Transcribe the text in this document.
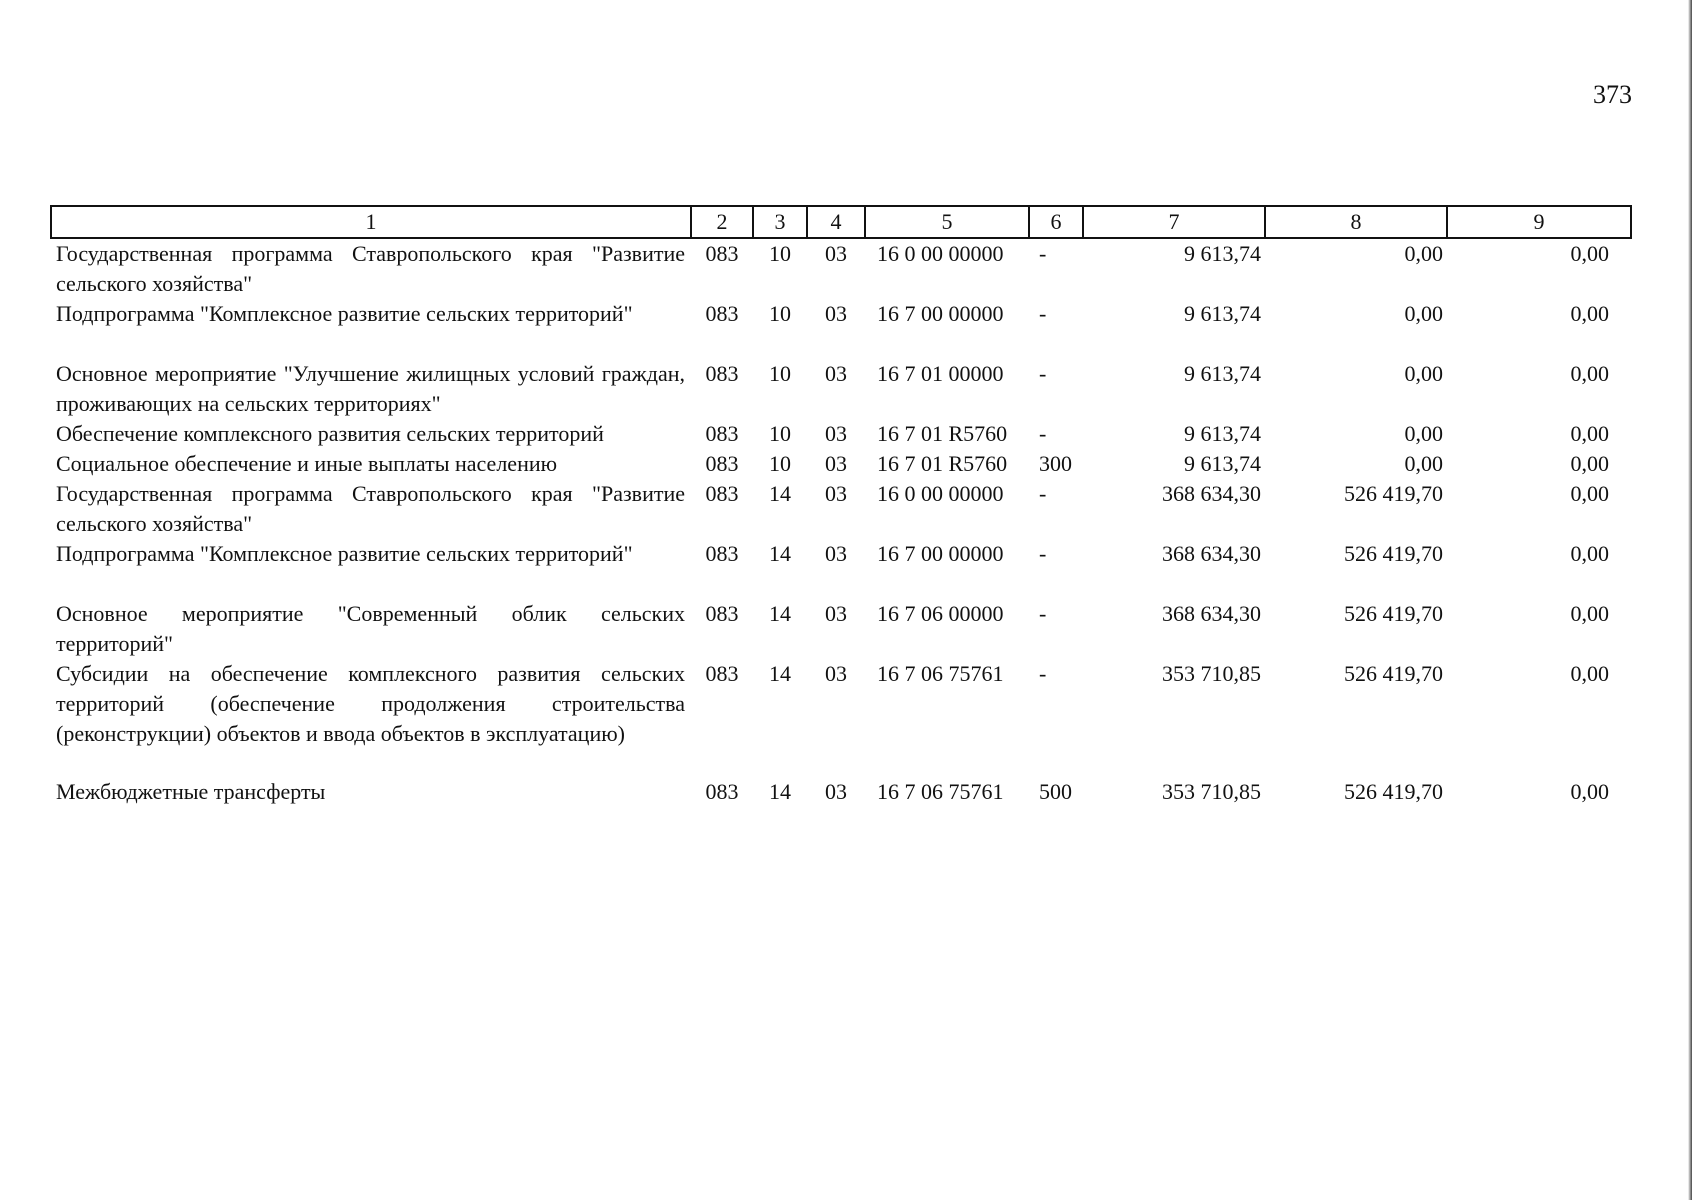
373
1	2	3	4	5	6	7	8	9
Государственная программа Ставропольского края "Развитие сельского хозяйства"	083	10	03	16 0 00 00000	-	9 613,74	0,00	0,00
Подпрограмма "Комплексное развитие сельских территорий"	083	10	03	16 7 00 00000	-	9 613,74	0,00	0,00
Основное мероприятие "Улучшение жилищных условий граждан, проживающих на сельских территориях"	083	10	03	16 7 01 00000	-	9 613,74	0,00	0,00
Обеспечение комплексного развития сельских территорий	083	10	03	16 7 01 R5760	-	9 613,74	0,00	0,00
Социальное обеспечение и иные выплаты населению	083	10	03	16 7 01 R5760	300	9 613,74	0,00	0,00
Государственная программа Ставропольского края "Развитие сельского хозяйства"	083	14	03	16 0 00 00000	-	368 634,30	526 419,70	0,00
Подпрограмма "Комплексное развитие сельских территорий"	083	14	03	16 7 00 00000	-	368 634,30	526 419,70	0,00
Основное мероприятие "Современный облик сельских территорий"	083	14	03	16 7 06 00000	-	368 634,30	526 419,70	0,00
Субсидии на обеспечение комплексного развития сельских территорий (обеспечение продолжения строительства (реконструкции) объектов и ввода объектов в эксплуатацию)	083	14	03	16 7 06 75761	-	353 710,85	526 419,70	0,00
Межбюджетные трансферты	083	14	03	16 7 06 75761	500	353 710,85	526 419,70	0,00
